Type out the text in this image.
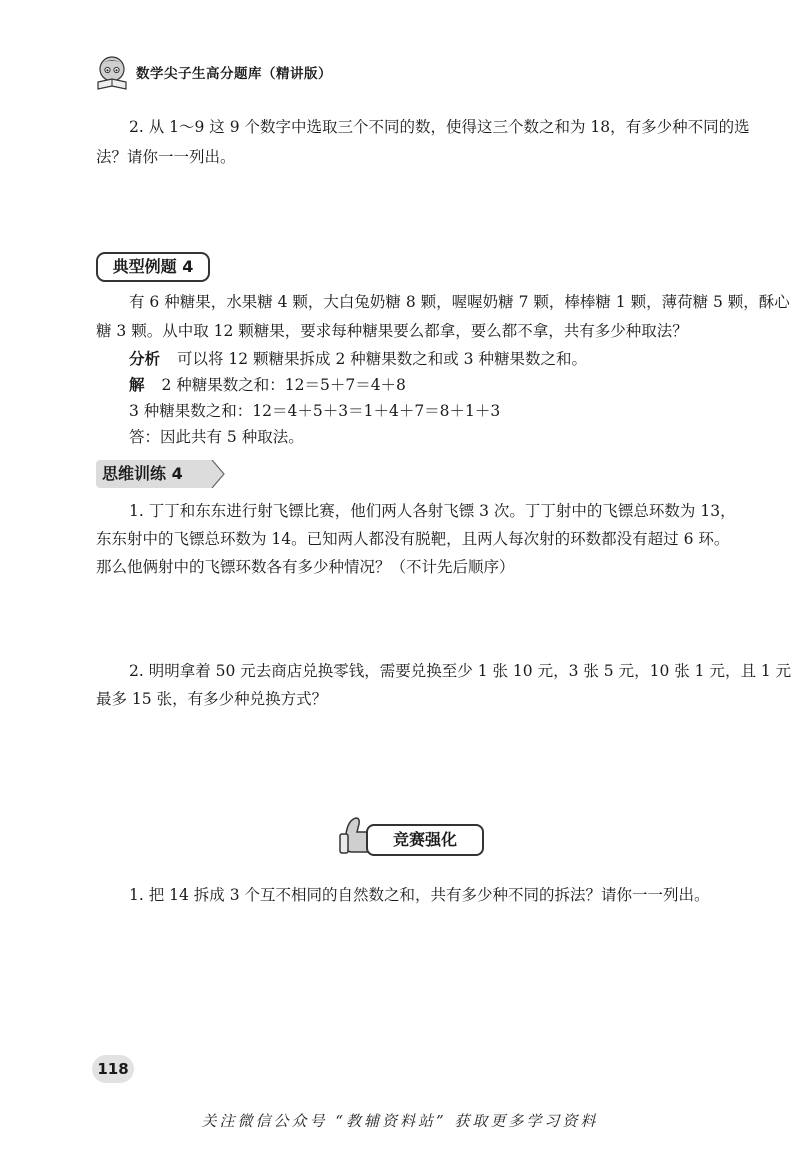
数学尖子生高分题库（精讲版）

2. 从 1～9 这 9 个数字中选取三个不同的数，使得这三个数之和为 18，有多少种不同的选

法？请你一一列出。

典型例题 4

有 6 种糖果，水果糖 4 颗，大白兔奶糖 8 颗，喔喔奶糖 7 颗，棒棒糖 1 颗，薄荷糖 5 颗，酥心

糖 3 颗。从中取 12 颗糖果，要求每种糖果要么都拿，要么都不拿，共有多少种取法？

分析 可以将 12 颗糖果拆成 2 种糖果数之和或 3 种糖果数之和。

解 2 种糖果数之和：12＝5＋7＝4＋8

3 种糖果数之和：12＝4＋5＋3＝1＋4＋7＝8＋1＋3

答：因此共有 5 种取法。

思维训练 4

1. 丁丁和东东进行射飞镖比赛，他们两人各射飞镖 3 次。丁丁射中的飞镖总环数为 13，

东东射中的飞镖总环数为 14。已知两人都没有脱靶，且两人每次射的环数都没有超过 6 环。

那么他俩射中的飞镖环数各有多少种情况？（不计先后顺序）

2. 明明拿着 50 元去商店兑换零钱，需要兑换至少 1 张 10 元，3 张 5 元，10 张 1 元，且 1 元

最多 15 张，有多少种兑换方式？

竞赛强化

1. 把 14 拆成 3 个互不相同的自然数之和，共有多少种不同的拆法？请你一一列出。

118
关注微信公众号 “教辅资料站” 获取更多学习资料
